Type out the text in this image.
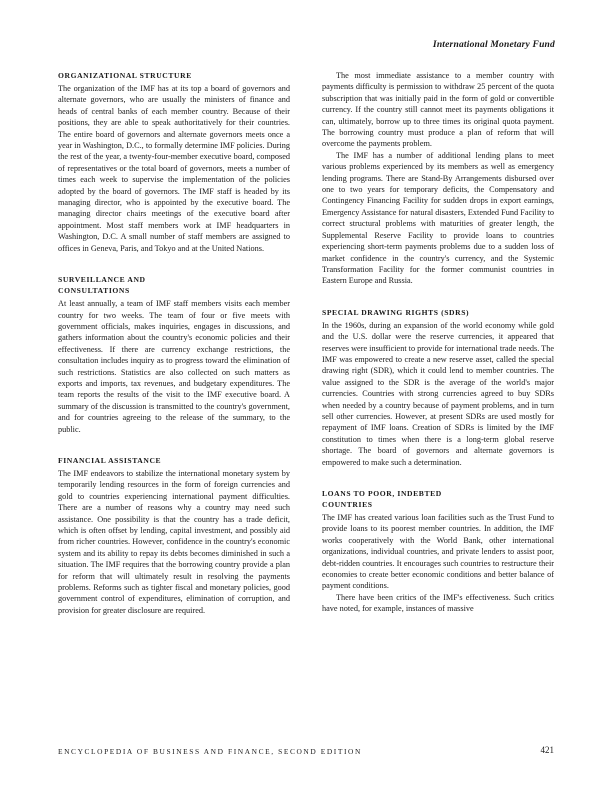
International Monetary Fund
ORGANIZATIONAL STRUCTURE

The organization of the IMF has at its top a board of governors and alternate governors, who are usually the ministers of finance and heads of central banks of each member country. Because of their positions, they are able to speak authoritatively for their countries. The entire board of governors and alternate governors meets once a year in Washington, D.C., to formally determine IMF policies. During the rest of the year, a twenty-four-member executive board, composed of representatives or the total board of governors, meets a number of times each week to supervise the implementation of the policies adopted by the board of governors. The IMF staff is headed by its managing director, who is appointed by the executive board. The managing director chairs meetings of the executive board after appointment. Most staff members work at IMF headquarters in Washington, D.C. A small number of staff members are assigned to offices in Geneva, Paris, and Tokyo and at the United Nations.

SURVEILLANCE AND
CONSULTATIONS

At least annually, a team of IMF staff members visits each member country for two weeks. The team of four or five meets with government officials, makes inquiries, engages in discussions, and gathers information about the country's economic policies and their effectiveness. If there are currency exchange restrictions, the consultation includes inquiry as to progress toward the elimination of such restrictions. Statistics are also collected on such matters as exports and imports, tax revenues, and budgetary expenditures. The team reports the results of the visit to the IMF executive board. A summary of the discussion is transmitted to the country's government, and for countries agreeing to the release of the summary, to the public.

FINANCIAL ASSISTANCE

The IMF endeavors to stabilize the international monetary system by temporarily lending resources in the form of foreign currencies and gold to countries experiencing international payment difficulties. There are a number of reasons why a country may need such assistance. One possibility is that the country has a trade deficit, which is often offset by lending, capital investment, and possibly aid from richer countries. However, confidence in the country's economic system and its ability to repay its debts becomes diminished in such a situation. The IMF requires that the borrowing country provide a plan for reform that will ultimately result in resolving the payments problems. Reforms such as tighter fiscal and monetary policies, good government control of expenditures, elimination of corruption, and provision for greater disclosure are required.

The most immediate assistance to a member country with payments difficulty is permission to withdraw 25 percent of the quota subscription that was initially paid in the form of gold or convertible currency. If the country still cannot meet its payments obligations it can, ultimately, borrow up to three times its original quota payment. The borrowing country must produce a plan of reform that will overcome the payments problem.

The IMF has a number of additional lending plans to meet various problems experienced by its members as well as emergency lending programs. There are Stand-By Arrangements disbursed over one to two years for temporary deficits, the Compensatory and Contingency Financing Facility for sudden drops in export earnings, Emergency Assistance for natural disasters, Extended Fund Facility to correct structural problems with maturities of greater length, the Supplemental Reserve Facility to provide loans to countries experiencing short-term payments problems due to a sudden loss of market confidence in the country's currency, and the Systemic Transformation Facility for the former communist countries in Eastern Europe and Russia.

SPECIAL DRAWING RIGHTS (SDRS)

In the 1960s, during an expansion of the world economy while gold and the U.S. dollar were the reserve currencies, it appeared that reserves were insufficient to provide for international trade needs. The IMF was empowered to create a new reserve asset, called the special drawing right (SDR), which it could lend to member countries. The value assigned to the SDR is the average of the world's major currencies. Countries with strong currencies agreed to buy SDRs when needed by a country because of payment problems, and in turn sell other currencies. However, at present SDRs are used mostly for repayment of IMF loans. Creation of SDRs is limited by the IMF constitution to times when there is a long-term global reserve shortage. The board of governors and alternate governors is empowered to make such a determination.

LOANS TO POOR, INDEBTED
COUNTRIES

The IMF has created various loan facilities such as the Trust Fund to provide loans to its poorest member countries. In addition, the IMF works cooperatively with the World Bank, other international organizations, individual countries, and private lenders to assist poor, debt-ridden countries. It encourages such countries to restructure their economies to create better economic conditions and better balance of payment conditions.

There have been critics of the IMF's effectiveness. Such critics have noted, for example, instances of massive

ENCYCLOPEDIA OF BUSINESS AND FINANCE, SECOND EDITION	421
